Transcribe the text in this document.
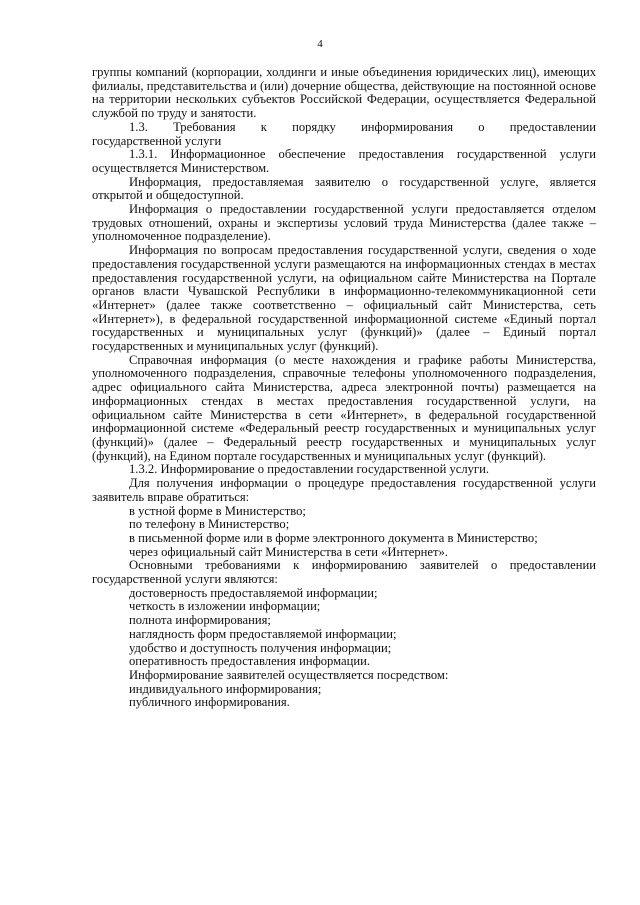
4

группы компаний (корпорации, холдинги и иные объединения юридических лиц), имеющих филиалы, представительства и (или) дочерние общества, действующие на постоянной основе на территории нескольких субъектов Российской Федерации, осуществляется Федеральной службой по труду и занятости.

1.3. Требования к порядку информирования о предоставлении

государственной услуги

1.3.1. Информационное обеспечение предоставления государственной услуги осуществляется Министерством.

Информация, предоставляемая заявителю о государственной услуге, является открытой и общедоступной.

Информация о предоставлении государственной услуги предоставляется отделом трудовых отношений, охраны и экспертизы условий труда Министерства (далее также – уполномоченное подразделение).

Информация по вопросам предоставления государственной услуги, сведения о ходе предоставления государственной услуги размещаются на информационных стендах в местах предоставления государственной услуги, на официальном сайте Министерства на Портале органов власти Чувашской Республики в информационно-телекоммуникационной сети «Интернет» (далее также соответственно – официальный сайт Министерства, сеть «Интернет»), в федеральной государственной информационной системе «Единый портал государственных и муниципальных услуг (функций)» (далее – Единый портал государственных и муниципальных услуг (функций).

Справочная информация (о месте нахождения и графике работы Министерства, уполномоченного подразделения, справочные телефоны уполномоченного подразделения, адрес официального сайта Министерства, адреса электронной почты) размещается на информационных стендах в местах предоставления государственной услуги, на официальном сайте Министерства в сети «Интернет», в федеральной государственной информационной системе «Федеральный реестр государственных и муниципальных услуг (функций)» (далее – Федеральный реестр государственных и муниципальных услуг (функций), на Едином портале государственных и муниципальных услуг (функций).

1.3.2. Информирование о предоставлении государственной услуги.

Для получения информации о процедуре предоставления государственной услуги заявитель вправе обратиться:

в устной форме в Министерство;

по телефону в Министерство;

в письменной форме или в форме электронного документа в Министерство;

через официальный сайт Министерства в сети «Интернет».

Основными требованиями к информированию заявителей о предоставлении государственной услуги являются:

достоверность предоставляемой информации;

четкость в изложении информации;

полнота информирования;

наглядность форм предоставляемой информации;

удобство и доступность получения информации;

оперативность предоставления информации.

Информирование заявителей осуществляется посредством:

индивидуального информирования;

публичного информирования.
